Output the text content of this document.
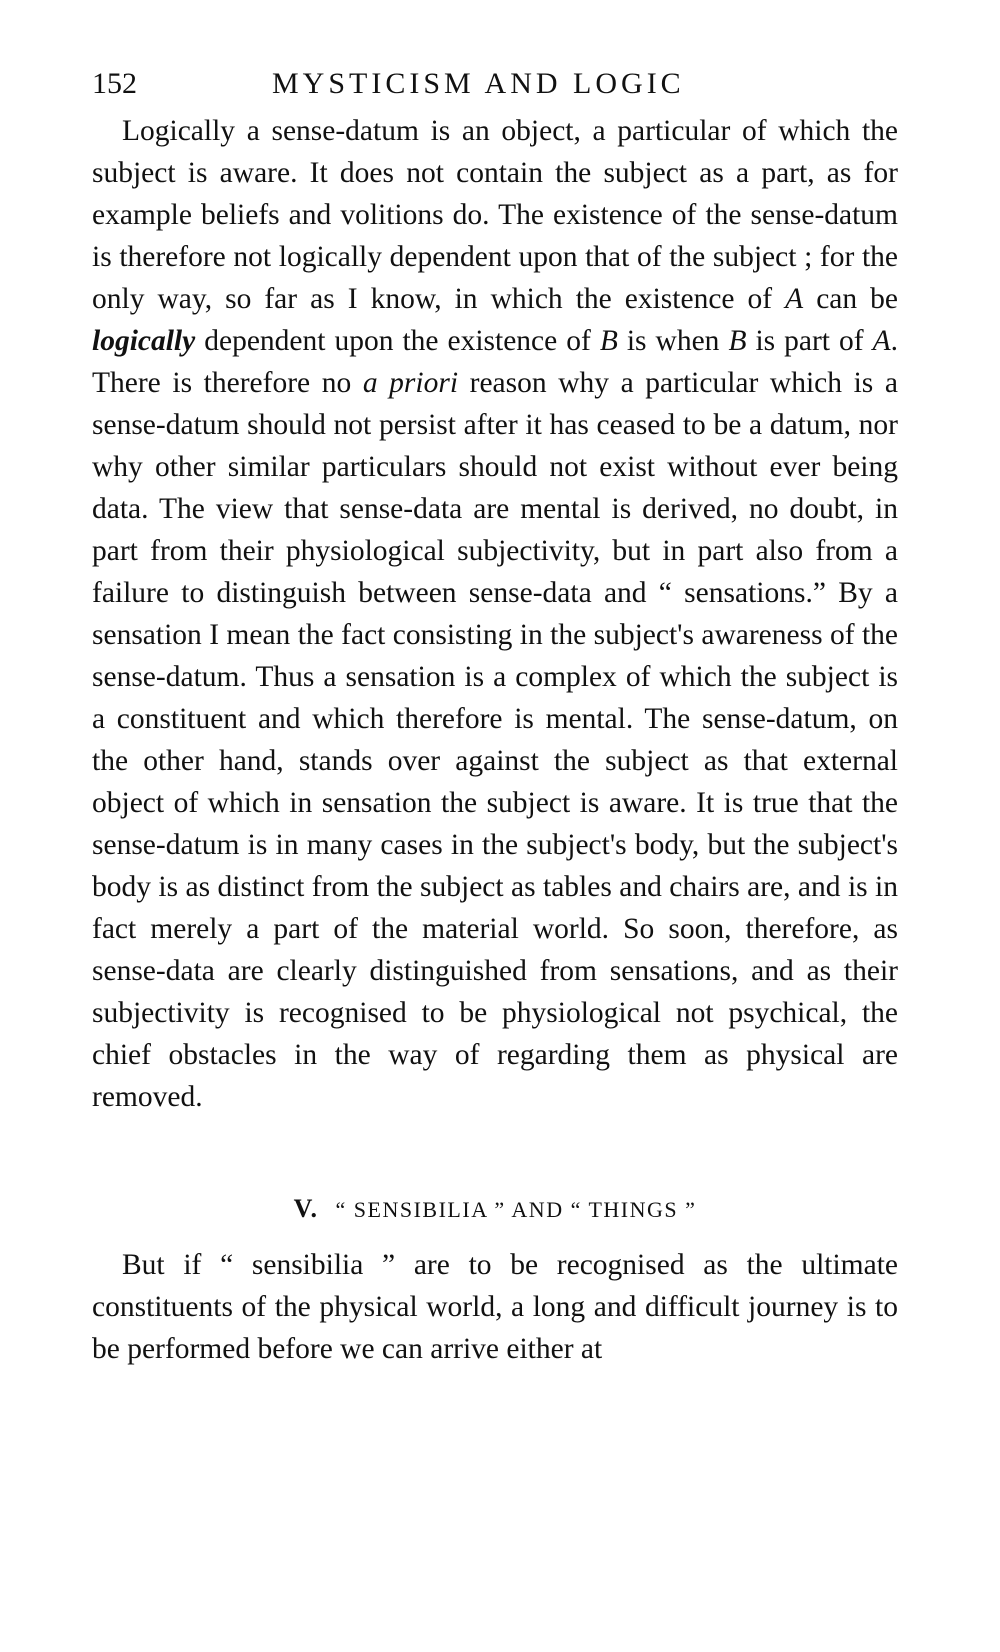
152	MYSTICISM AND LOGIC

Logically a sense-datum is an object, a particular of which the subject is aware. It does not contain the subject as a part, as for example beliefs and volitions do. The existence of the sense-datum is therefore not logically dependent upon that of the subject ; for the only way, so far as I know, in which the existence of A can be logically dependent upon the existence of B is when B is part of A. There is therefore no a priori reason why a particular which is a sense-datum should not persist after it has ceased to be a datum, nor why other similar particulars should not exist without ever being data. The view that sense-data are mental is derived, no doubt, in part from their physiological subjectivity, but in part also from a failure to distinguish between sense-data and “ sensations.” By a sensation I mean the fact consisting in the subject's awareness of the sense-datum. Thus a sensation is a complex of which the subject is a constituent and which therefore is mental. The sense-datum, on the other hand, stands over against the subject as that external object of which in sensation the subject is aware. It is true that the sense-datum is in many cases in the subject's body, but the subject's body is as distinct from the subject as tables and chairs are, and is in fact merely a part of the material world. So soon, therefore, as sense-data are clearly distinguished from sensations, and as their subjectivity is recognised to be physiological not psychical, the chief obstacles in the way of regarding them as physical are removed.

V. “ SENSIBILIA ” AND “ THINGS ”

But if “ sensibilia ” are to be recognised as the ultimate constituents of the physical world, a long and difficult journey is to be performed before we can arrive either at
